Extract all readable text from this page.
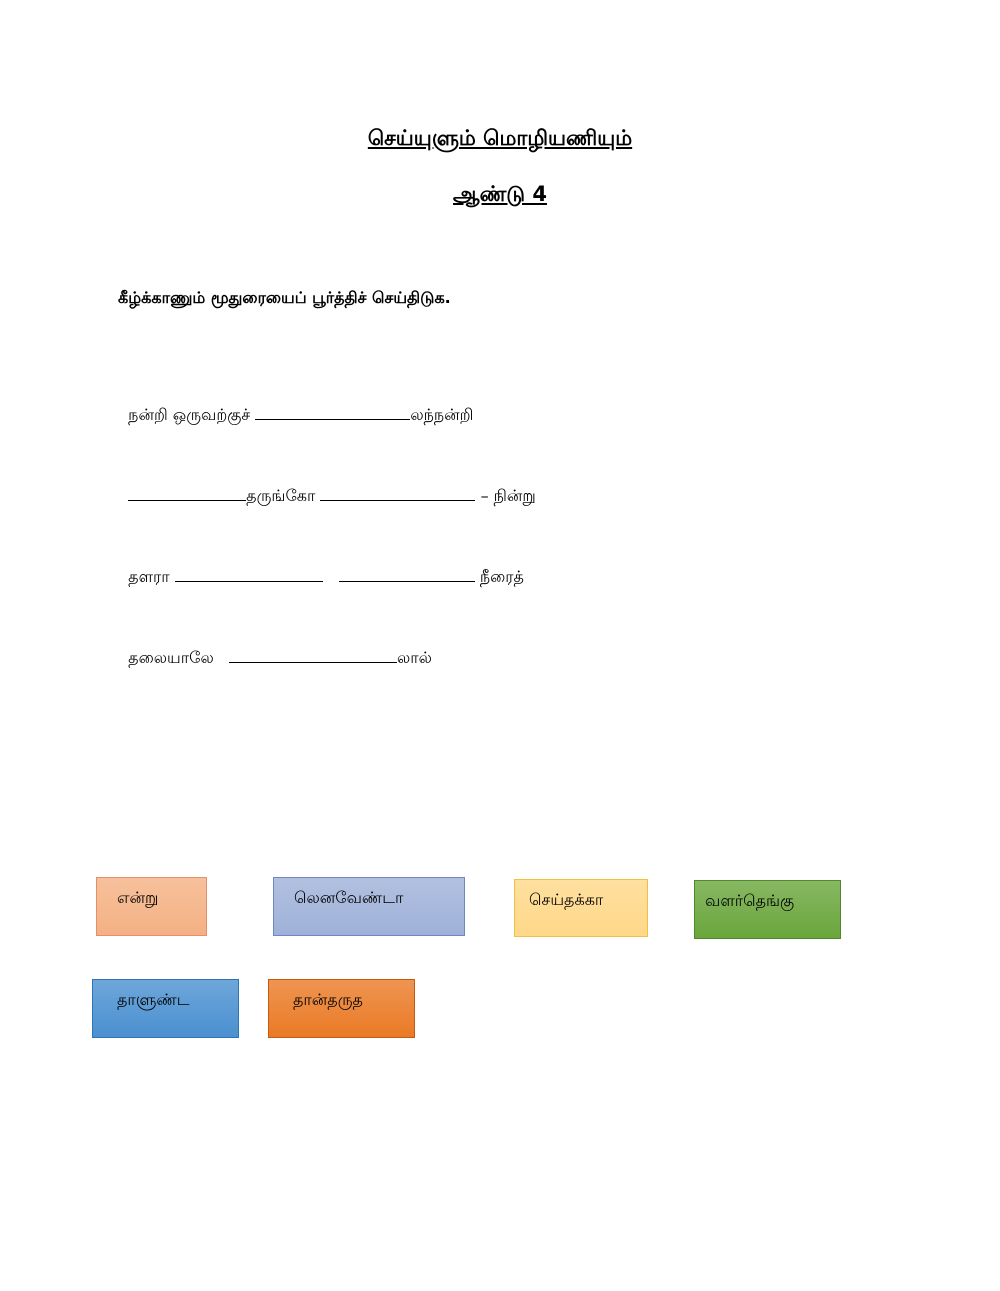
செய்யுளும் மொழியணியும்
ஆண்டு 4
கீழ்க்காணும் மூதுரையைப் பூர்த்திச் செய்திடுக.

நன்றி ஒருவற்குச்	லந்நன்றி

தருங்கோ	– நின்று

தளரா	நீரைத்

தலையாலே	லால்

என்று	லெனவேண்டா	செய்தக்கா	வளர்தெங்கு
தாளுண்ட	தான்தருத
